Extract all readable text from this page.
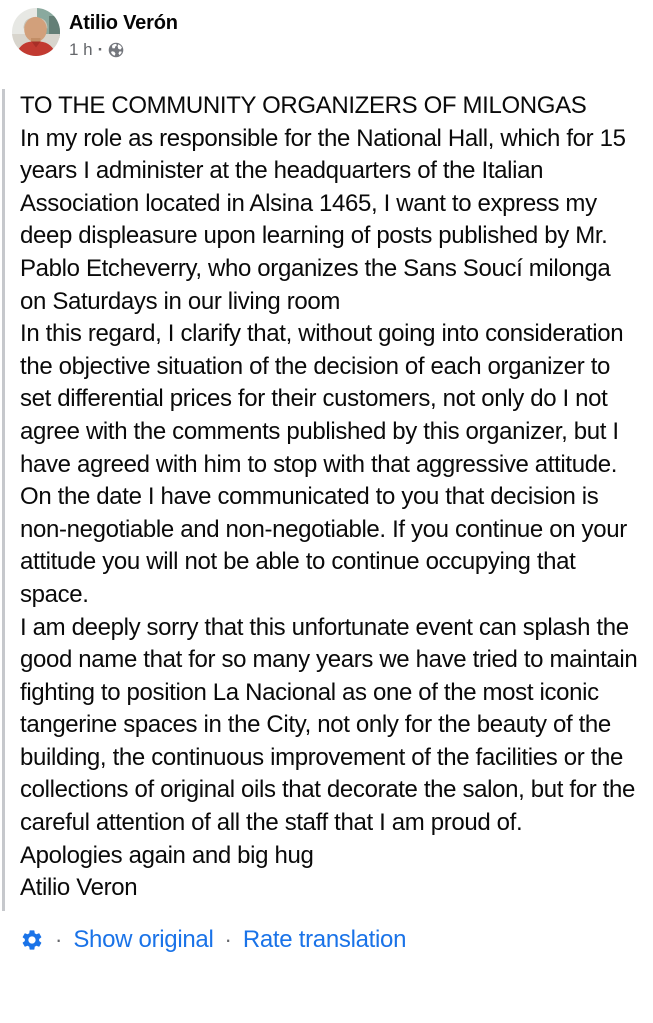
Atilio Verón
1 h ·
TO THE COMMUNITY ORGANIZERS OF MILONGAS
In my role as responsible for the National Hall, which for 15 years I administer at the headquarters of the Italian Association located in Alsina 1465, I want to express my deep displeasure upon learning of posts published by Mr. Pablo Etcheverry, who organizes the Sans Soucí milonga on Saturdays in our living room
In this regard, I clarify that, without going into consideration the objective situation of the decision of each organizer to set differential prices for their customers, not only do I not agree with the comments published by this organizer, but I have agreed with him to stop with that aggressive attitude. On the date I have communicated to you that decision is non-negotiable and non-negotiable. If you continue on your attitude you will not be able to continue occupying that space.
I am deeply sorry that this unfortunate event can splash the good name that for so many years we have tried to maintain fighting to position La Nacional as one of the most iconic tangerine spaces in the City, not only for the beauty of the building, the continuous improvement of the facilities or the collections of original oils that decorate the salon, but for the careful attention of all the staff that I am proud of.
Apologies again and big hug
Atilio Veron
· Show original · Rate translation
